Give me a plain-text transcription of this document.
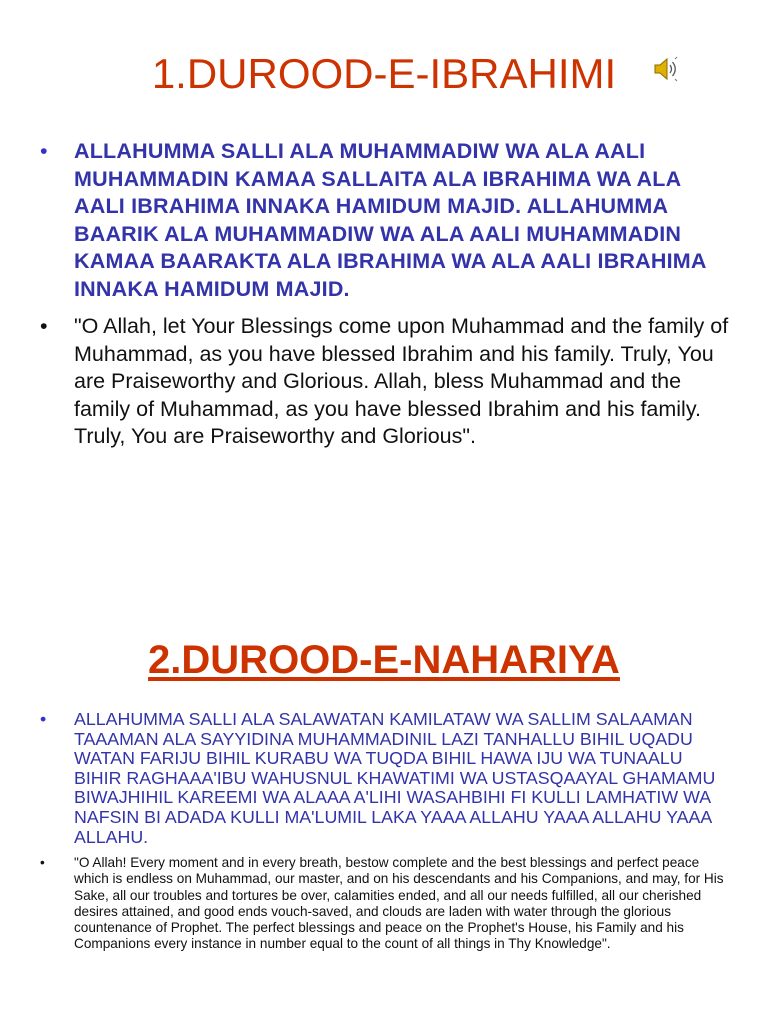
1.DUROOD-E-IBRAHIMI
• ALLAHUMMA SALLI ALA MUHAMMADIW WA ALA AALI MUHAMMADIN KAMAA SALLAITA ALA IBRAHIMA WA ALA AALI IBRAHIMA INNAKA HAMIDUM MAJID. ALLAHUMMA BAARIK ALA MUHAMMADIW WA ALA AALI MUHAMMADIN KAMAA BAARAKTA ALA IBRAHIMA WA ALA AALI IBRAHIMA INNAKA HAMIDUM MAJID.
• "O Allah, let Your Blessings come upon Muhammad and the family of Muhammad, as you have blessed Ibrahim and his family. Truly, You are Praiseworthy and Glorious. Allah, bless Muhammad and the family of Muhammad, as you have blessed Ibrahim and his family. Truly, You are Praiseworthy and Glorious".
2.DUROOD-E-NAHARIYA
• ALLAHUMMA SALLI ALA SALAWATAN KAMILATAW WA SALLIM SALAAMAN TAAAMAN ALA SAYYIDINA MUHAMMADINIL LAZI TANHALLU BIHIL UQADU WATAN FARIJU BIHIL KURABU WA TUQDA BIHIL HAWA IJU WA TUNAALU BIHIR RAGHAAA'IBU WAHUSNUL KHAWATIMI WA USTASQAAYAL GHAMAMU BIWAJHIHIL KAREEMI WA ALAAA A'LIHI WASAHBIHI FI KULLI LAMHATIW WA NAFSIN BI ADADA KULLI MA'LUMIL LAKA YAAA ALLAHU YAAA ALLAHU YAAA ALLAHU.
• "O Allah! Every moment and in every breath, bestow complete and the best blessings and perfect peace which is endless on Muhammad, our master, and on his descendants and his Companions, and may, for His Sake, all our troubles and tortures be over, calamities ended, and all our needs fulfilled, all our cherished desires attained, and good ends vouch-saved, and clouds are laden with water through the glorious countenance of Prophet. The perfect blessings and peace on the Prophet's House, his Family and his Companions every instance in number equal to the count of all things in Thy Knowledge".
